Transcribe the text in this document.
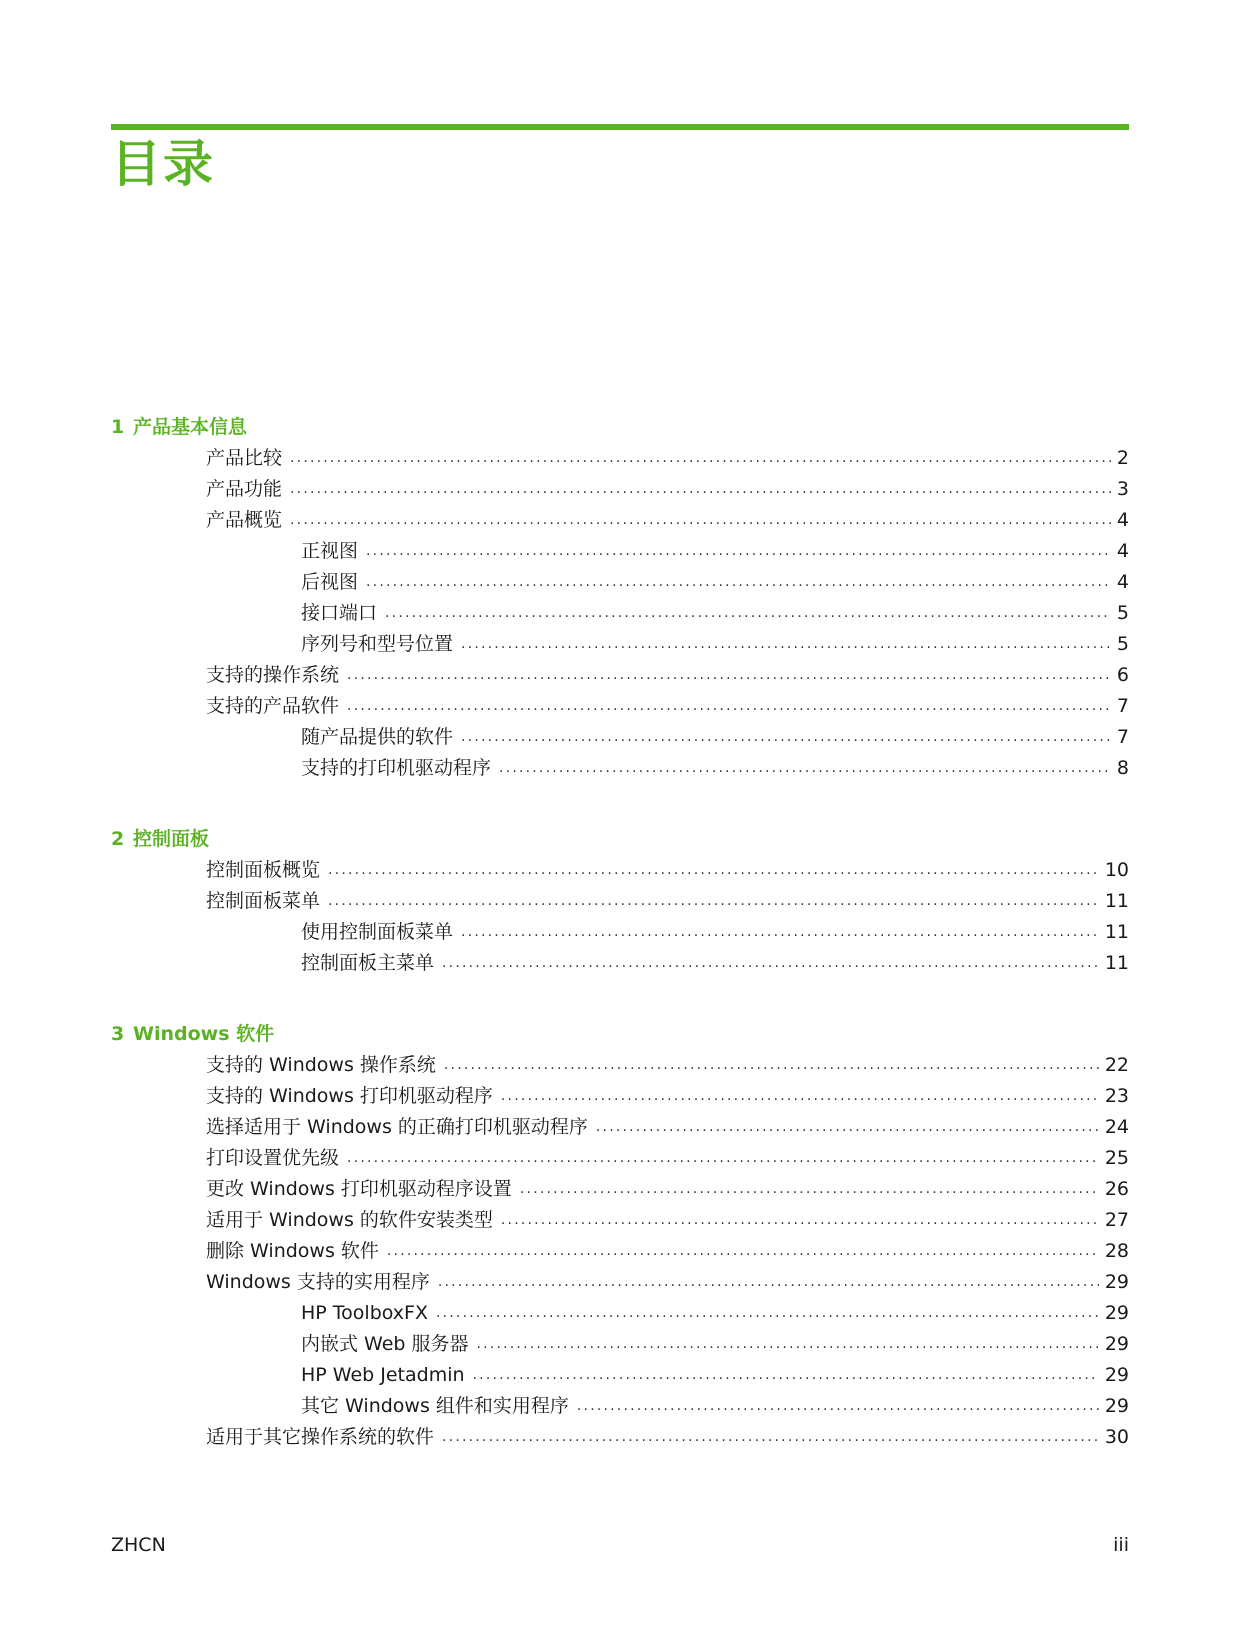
目录
1 产品基本信息
产品比较 .....	2
产品功能 .....	3
产品概览 .....	4
正视图 .....	4
后视图 .....	4
接口端口 .....	5
序列号和型号位置 .....	5
支持的操作系统 .....	6
支持的产品软件 .....	7
随产品提供的软件 .....	7
支持的打印机驱动程序 .....	8
2 控制面板
控制面板概览 .....	10
控制面板菜单 .....	11
使用控制面板菜单 .....	11
控制面板主菜单 .....	11
3 Windows 软件
支持的 Windows 操作系统 .....	22
支持的 Windows 打印机驱动程序 .....	23
选择适用于 Windows 的正确打印机驱动程序 .....	24
打印设置优先级 .....	25
更改 Windows 打印机驱动程序设置 .....	26
适用于 Windows 的软件安装类型 .....	27
删除 Windows 软件 .....	28
Windows 支持的实用程序 .....	29
HP ToolboxFX .....	29
内嵌式 Web 服务器 .....	29
HP Web Jetadmin .....	29
其它 Windows 组件和实用程序 .....	29
适用于其它操作系统的软件 .....	30
ZHCN	iii
